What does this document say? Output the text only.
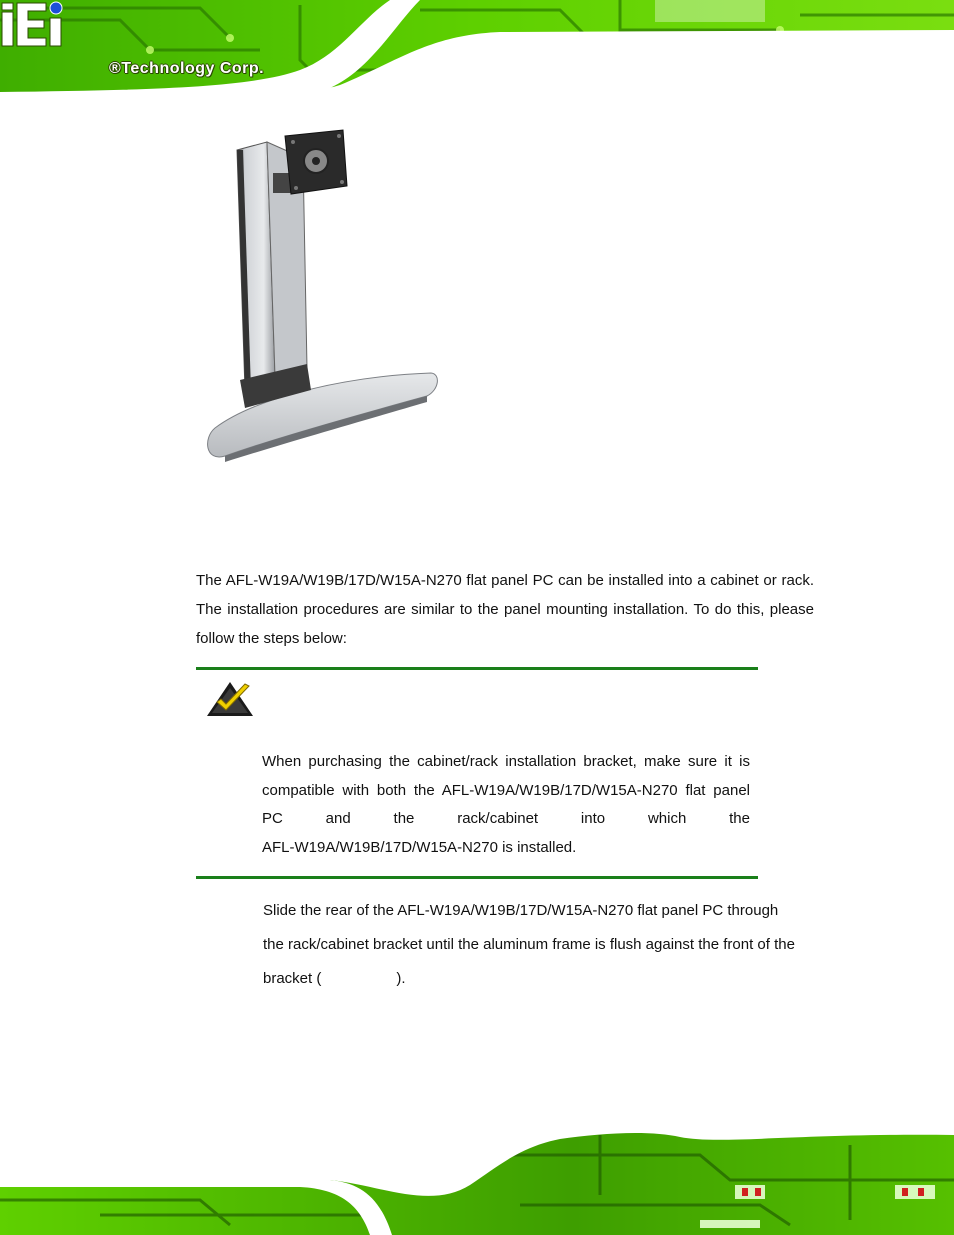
®Technology Corp.
The AFL-W19A/W19B/17D/W15A-N270 flat panel PC can be installed into a cabinet or rack. The installation procedures are similar to the panel mounting installation. To do this, please follow the steps below:
When purchasing the cabinet/rack installation bracket, make sure it is
compatible with both the AFL-W19A/W19B/17D/W15A-N270 flat panel
PC	and	the	rack/cabinet	into	which	the
AFL-W19A/W19B/17D/W15A-N270 is installed.
Slide the rear of the AFL-W19A/W19B/17D/W15A-N270 flat panel PC through
the rack/cabinet bracket until the aluminum frame is flush against the front of the
bracket (                  ).
